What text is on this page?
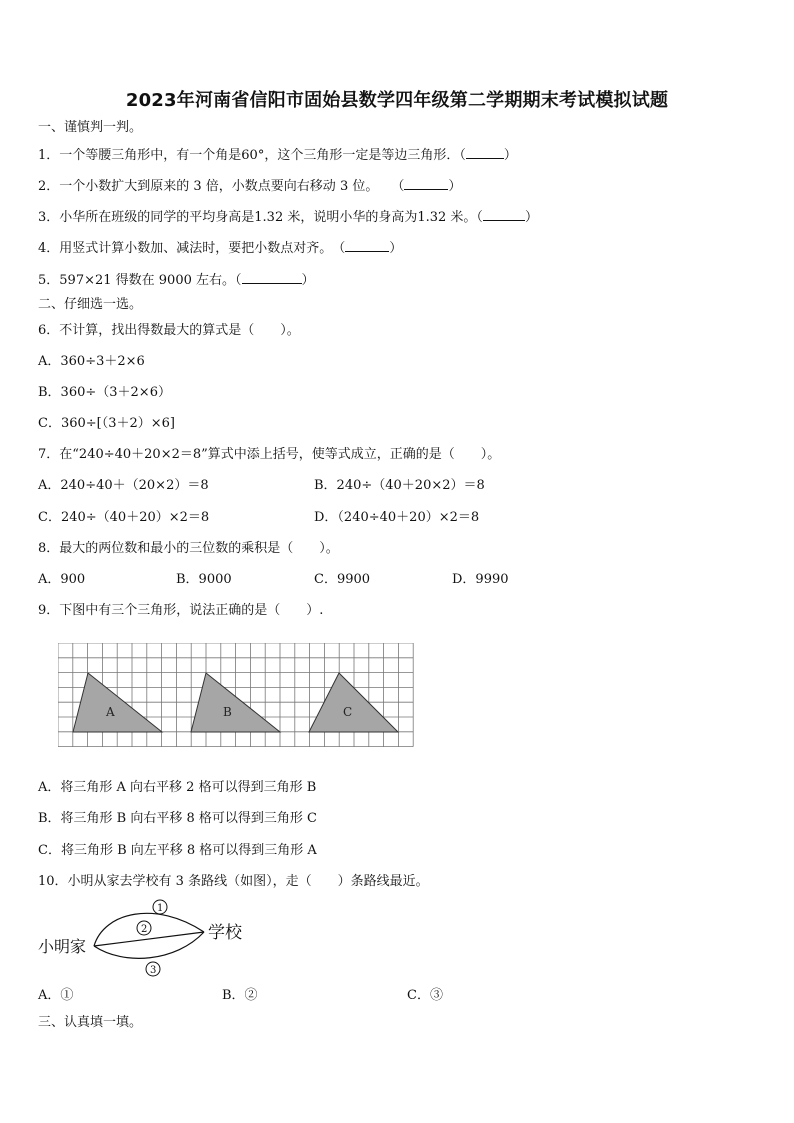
2023年河南省信阳市固始县数学四年级第二学期期末考试模拟试题
一、谨慎判一判。
1．一个等腰三角形中，有一个角是60°，这个三角形一定是等边三角形．（	）
2．一个小数扩大到原来的 3 倍，小数点要向右移动 3 位。　　（	）
3．小华所在班级的同学的平均身高是1.32 米，说明小华的身高为1.32 米。（	）
4．用竖式计算小数加、减法时，要把小数点对齐。　（	）
5．597×21 得数在 9000 左右。（	）
二、仔细选一选。
6．不计算，找出得数最大的算式是（　　）。
A．360÷3＋2×6
B．360÷（3＋2×6）
C．360÷[（3＋2）×6]
7．在“240÷40＋20×2＝8”算式中添上括号，使等式成立，正确的是（　　）。
A．240÷40＋（20×2）＝8	B．240÷（40＋20×2）＝8
C．240÷（40＋20）×2＝8	D．（240÷40＋20）×2＝8
8．最大的两位数和最小的三位数的乘积是（　　）。
A．900	B．9000	C．9900	D．9990
9．下图中有三个三角形，说法正确的是（　　）.
A	B	C
A．将三角形 A 向右平移 2 格可以得到三角形 B
B．将三角形 B 向右平移 8 格可以得到三角形 C
C．将三角形 B 向左平移 8 格可以得到三角形 A
10．小明从家去学校有 3 条路线（如图），走（　　）条路线最近。
小明家
学校
1
2
3
A．①	B．②	C．③
三、认真填一填。
